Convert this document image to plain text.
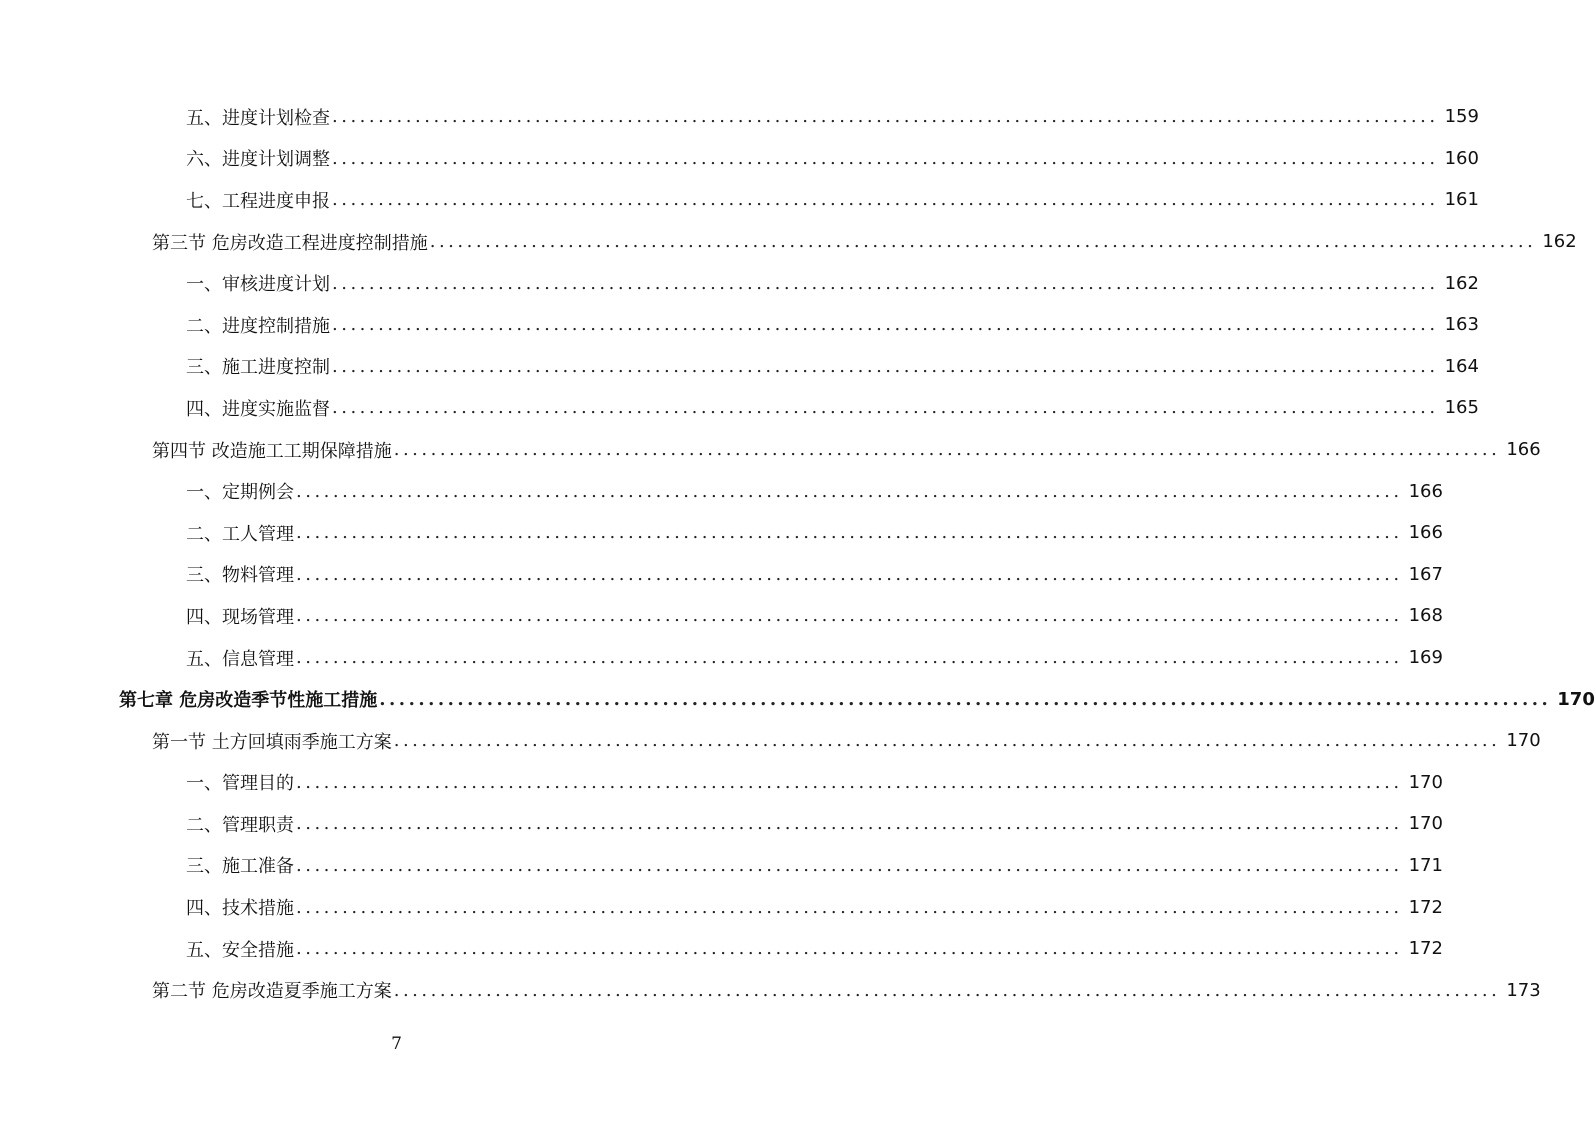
五、进度计划检查 ........................................................................................................................ 159
六、进度计划调整 ........................................................................................................................ 160
七、工程进度申报 ........................................................................................................................ 161
第三节 危房改造工程进度控制措施 ........................................................................................................................ 162
一、审核进度计划 ........................................................................................................................ 162
二、进度控制措施 ........................................................................................................................ 163
三、施工进度控制 ........................................................................................................................ 164
四、进度实施监督 ........................................................................................................................ 165
第四节 改造施工工期保障措施 ........................................................................................................................ 166
一、定期例会 ........................................................................................................................ 166
二、工人管理 ........................................................................................................................ 166
三、物料管理 ........................................................................................................................ 167
四、现场管理 ........................................................................................................................ 168
五、信息管理 ........................................................................................................................ 169
第七章 危房改造季节性施工措施 ........................................................................................................................ 170
第一节 土方回填雨季施工方案 ........................................................................................................................ 170
一、管理目的 ........................................................................................................................ 170
二、管理职责 ........................................................................................................................ 170
三、施工准备 ........................................................................................................................ 171
四、技术措施 ........................................................................................................................ 172
五、安全措施 ........................................................................................................................ 172
第二节 危房改造夏季施工方案 ........................................................................................................................ 173
7
